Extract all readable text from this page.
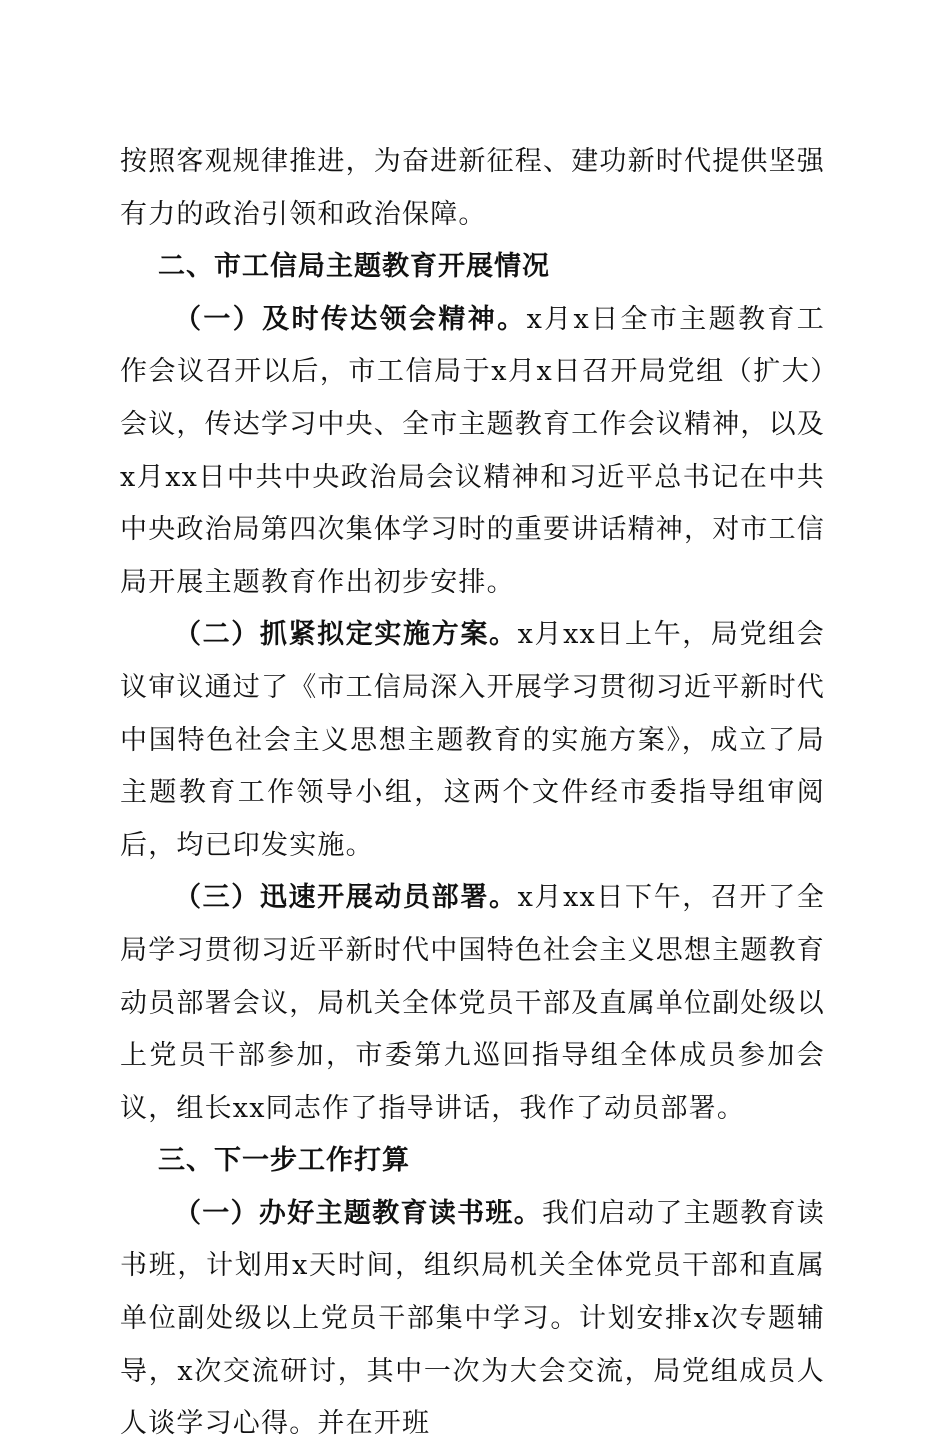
按照客观规律推进，为奋进新征程、建功新时代提供坚强有力的政治引领和政治保障。

二、市工信局主题教育开展情况

（一）及时传达领会精神。x月x日全市主题教育工作会议召开以后，市工信局于x月x日召开局党组（扩大）会议，传达学习中央、全市主题教育工作会议精神，以及x月xx日中共中央政治局会议精神和习近平总书记在中共中央政治局第四次集体学习时的重要讲话精神，对市工信局开展主题教育作出初步安排。

（二）抓紧拟定实施方案。x月xx日上午，局党组会议审议通过了《市工信局深入开展学习贯彻习近平新时代中国特色社会主义思想主题教育的实施方案》，成立了局主题教育工作领导小组，这两个文件经市委指导组审阅后，均已印发实施。

（三）迅速开展动员部署。x月xx日下午，召开了全局学习贯彻习近平新时代中国特色社会主义思想主题教育动员部署会议，局机关全体党员干部及直属单位副处级以上党员干部参加，市委第九巡回指导组全体成员参加会议，组长xx同志作了指导讲话，我作了动员部署。

三、下一步工作打算

（一）办好主题教育读书班。我们启动了主题教育读书班，计划用x天时间，组织局机关全体党员干部和直属单位副处级以上党员干部集中学习。计划安排x次专题辅导，x次交流研讨，其中一次为大会交流，局党组成员人人谈学习心得。并在开班
